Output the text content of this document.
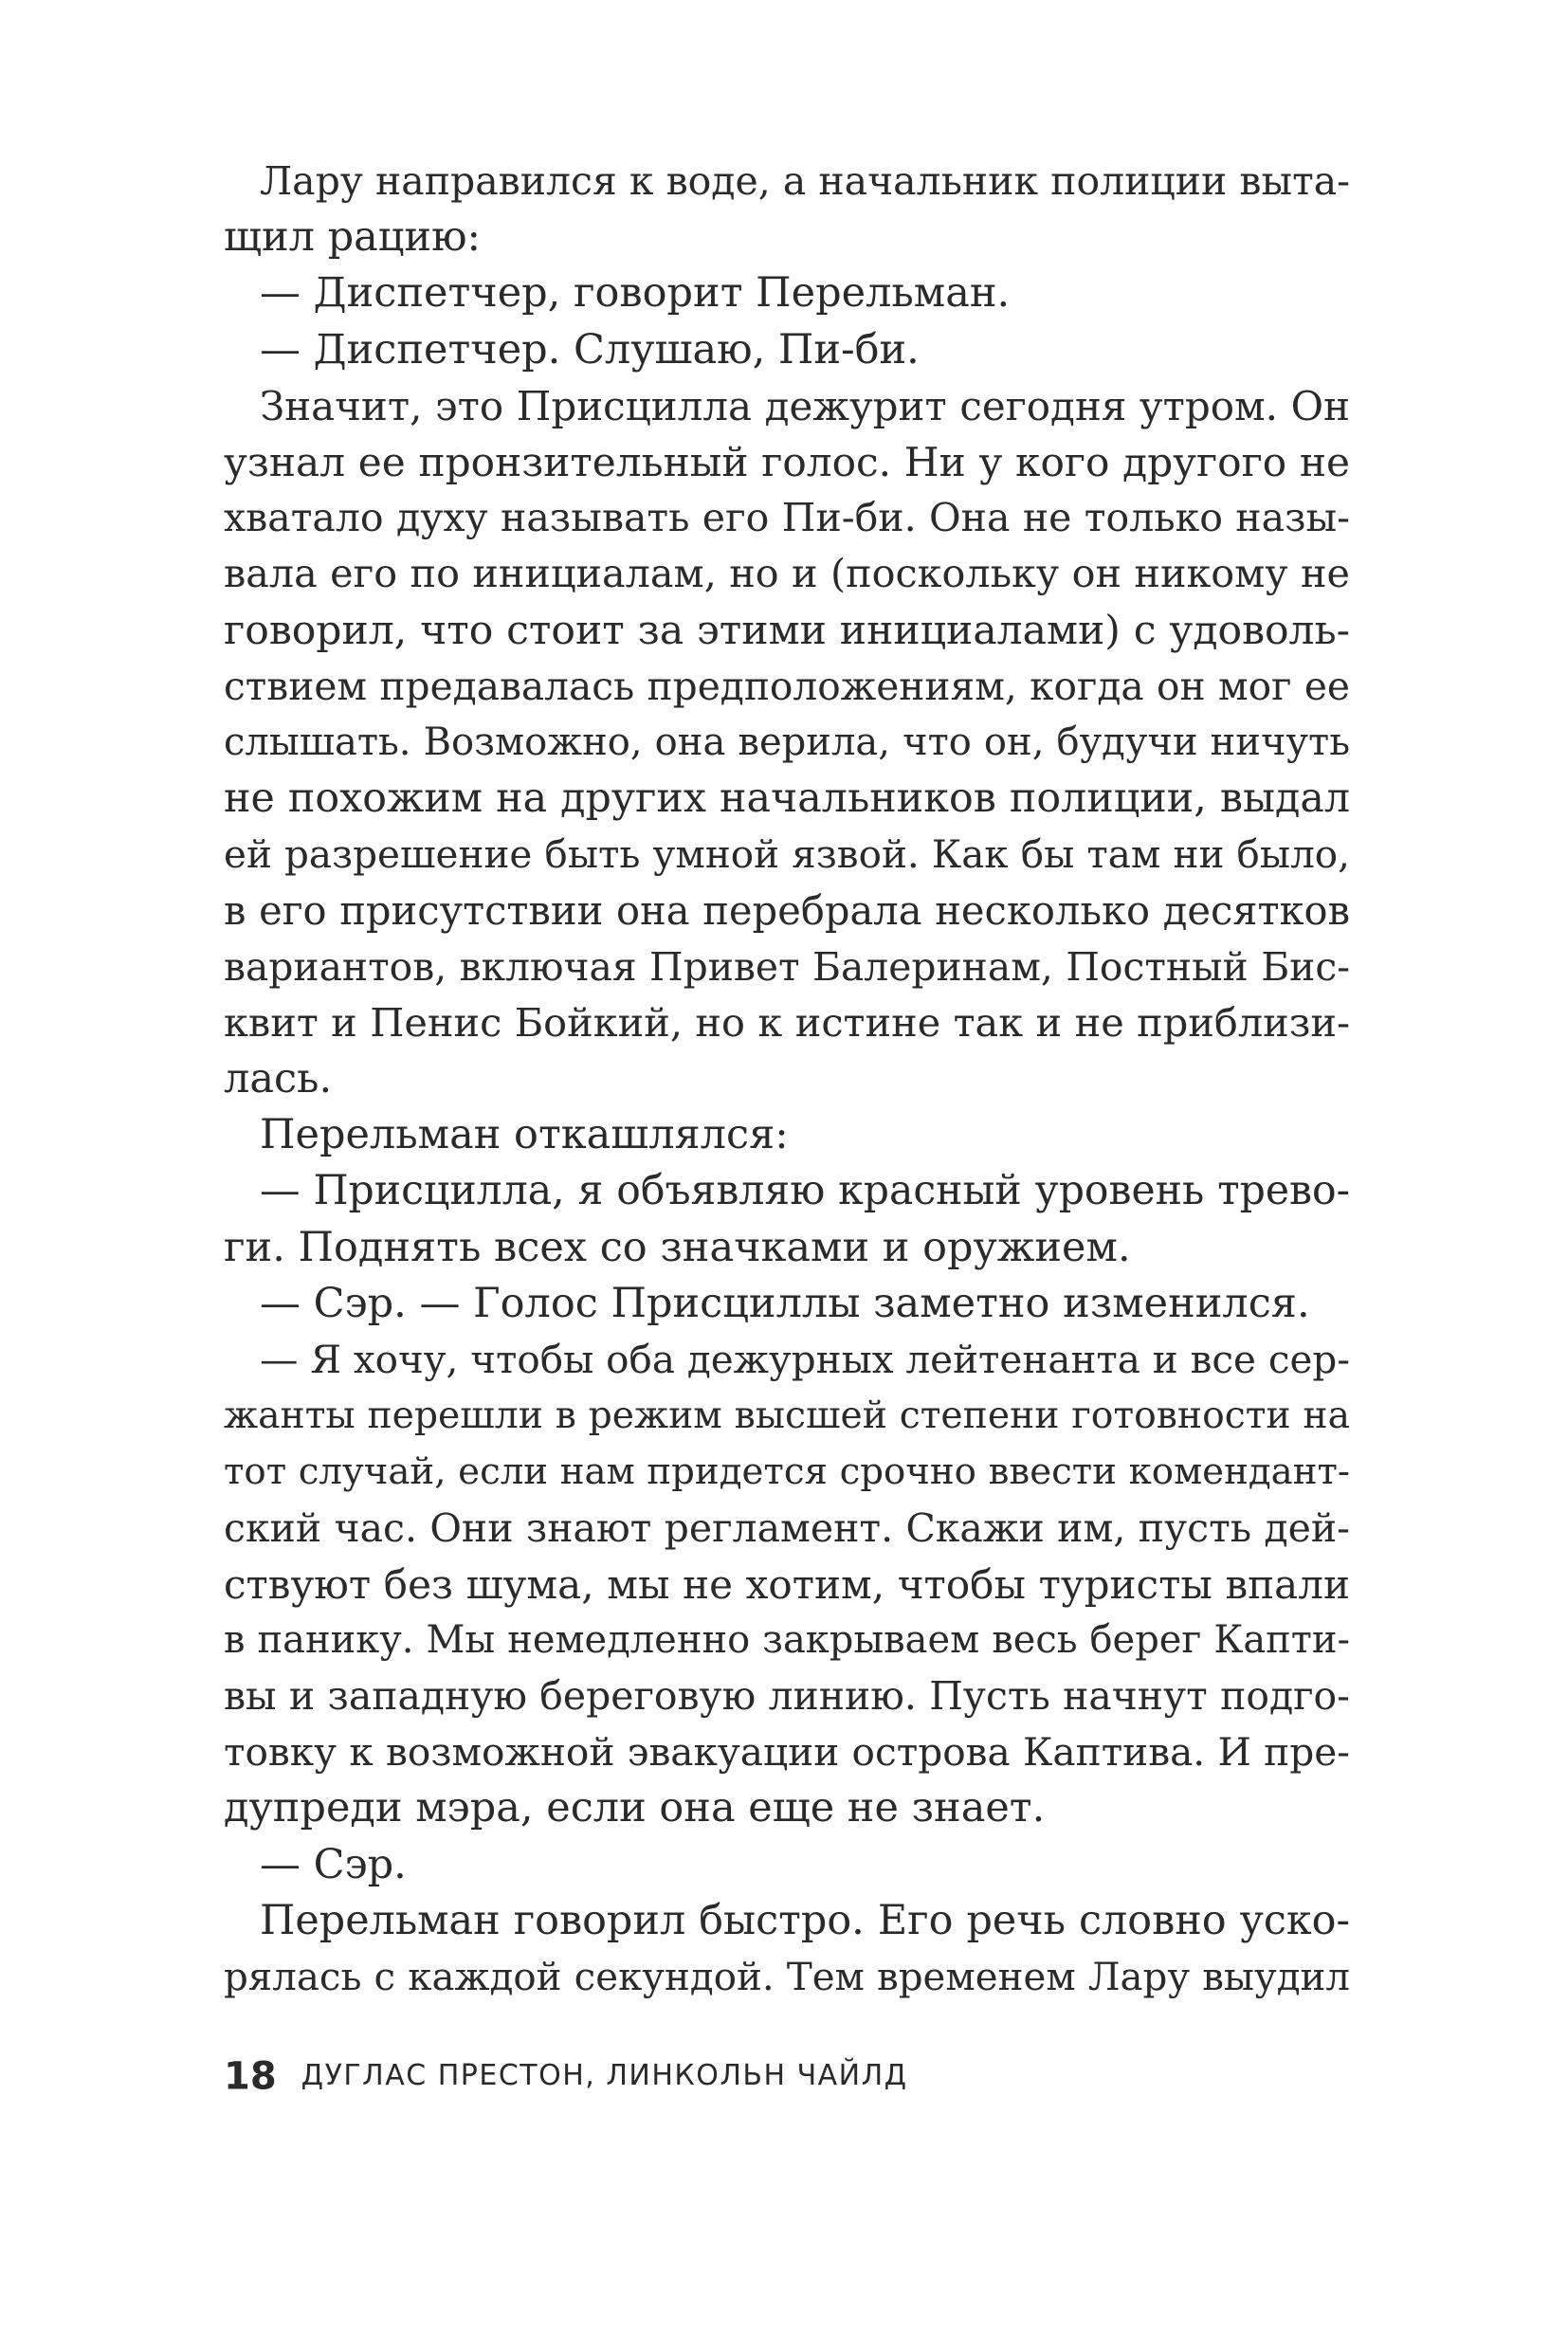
Лару направился к воде, а начальник полиции выта-
щил рацию:
— Диспетчер, говорит Перельман.
— Диспетчер. Слушаю, Пи-би.
Значит, это Присцилла дежурит сегодня утром. Он
узнал ее пронзительный голос. Ни у кого другого не
хватало духу называть его Пи-би. Она не только назы-
вала его по инициалам, но и (поскольку он никому не
говорил, что стоит за этими инициалами) с удоволь-
ствием предавалась предположениям, когда он мог ее
слышать. Возможно, она верила, что он, будучи ничуть
не похожим на других начальников полиции, выдал
ей разрешение быть умной язвой. Как бы там ни было,
в его присутствии она перебрала несколько десятков
вариантов, включая Привет Балеринам, Постный Бис-
квит и Пенис Бойкий, но к истине так и не приблизи-
лась.
Перельман откашлялся:
— Присцилла, я объявляю красный уровень трево-
ги. Поднять всех со значками и оружием.
— Сэр. — Голос Присциллы заметно изменился.
— Я хочу, чтобы оба дежурных лейтенанта и все сер-
жанты перешли в режим высшей степени готовности на
тот случай, если нам придется срочно ввести комендант-
ский час. Они знают регламент. Скажи им, пусть дей-
ствуют без шума, мы не хотим, чтобы туристы впали
в панику. Мы немедленно закрываем весь берег Капти-
вы и западную береговую линию. Пусть начнут подго-
товку к возможной эвакуации острова Каптива. И пре-
дупреди мэра, если она еще не знает.
— Сэр.
Перельман говорил быстро. Его речь словно уско-
рялась с каждой секундой. Тем временем Лару выудил
18 ДУГЛАС ПРЕСТОН, ЛИНКОЛЬН ЧАЙЛД
